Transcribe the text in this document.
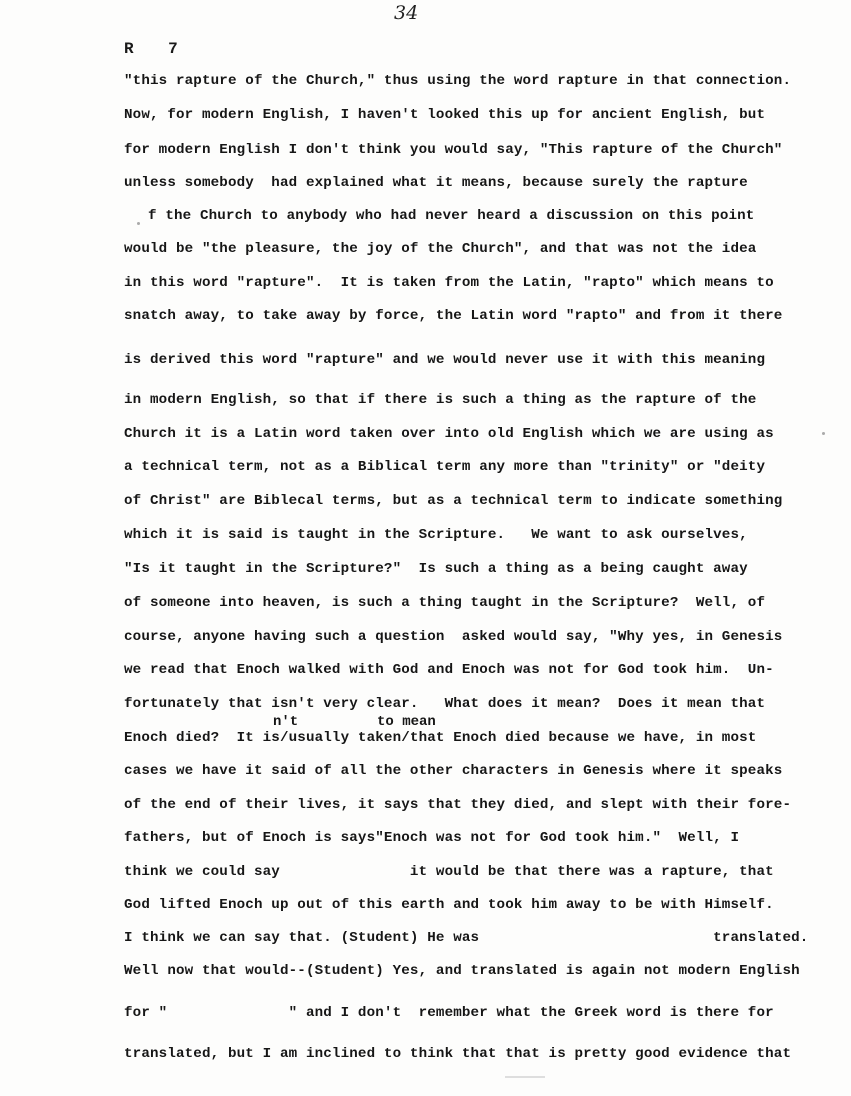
34
R 7
"this rapture of the Church," thus using the word rapture in that connection.
Now, for modern English, I haven't looked this up for ancient English, but
for modern English I don't think you would say, "This rapture of the Church"
unless somebody  had explained what it means, because surely the rapture
f the Church to anybody who had never heard a discussion on this point
would be "the pleasure, the joy of the Church", and that was not the idea
in this word "rapture".  It is taken from the Latin, "rapto" which means to
snatch away, to take away by force, the Latin word "rapto" and from it there
is derived this word "rapture" and we would never use it with this meaning
in modern English, so that if there is such a thing as the rapture of the
Church it is a Latin word taken over into old English which we are using as
a technical term, not as a Biblical term any more than "trinity" or "deity
of Christ" are Biblecal terms, but as a technical term to indicate something
which it is said is taught in the Scripture.   We want to ask ourselves,
"Is it taught in the Scripture?"  Is such a thing as a being caught away
of someone into heaven, is such a thing taught in the Scripture?  Well, of
course, anyone having such a question  asked would say, "Why yes, in Genesis
we read that Enoch walked with God and Enoch was not for God took him.  Un-
fortunately that isn't very clear.   What does it mean?  Does it mean that
n't	to mean
Enoch died?  It is/usually taken/that Enoch died because we have, in most
cases we have it said of all the other characters in Genesis where it speaks
of the end of their lives, it says that they died, and slept with their fore-
fathers, but of Enoch is says"Enoch was not for God took him."  Well, I
think we could say               it would be that there was a rapture, that
God lifted Enoch up out of this earth and took him away to be with Himself.
I think we can say that. (Student) He was                           translated.
Well now that would--(Student) Yes, and translated is again not modern English
for "              " and I don't  remember what the Greek word is there for
translated, but I am inclined to think that that is pretty good evidence that
